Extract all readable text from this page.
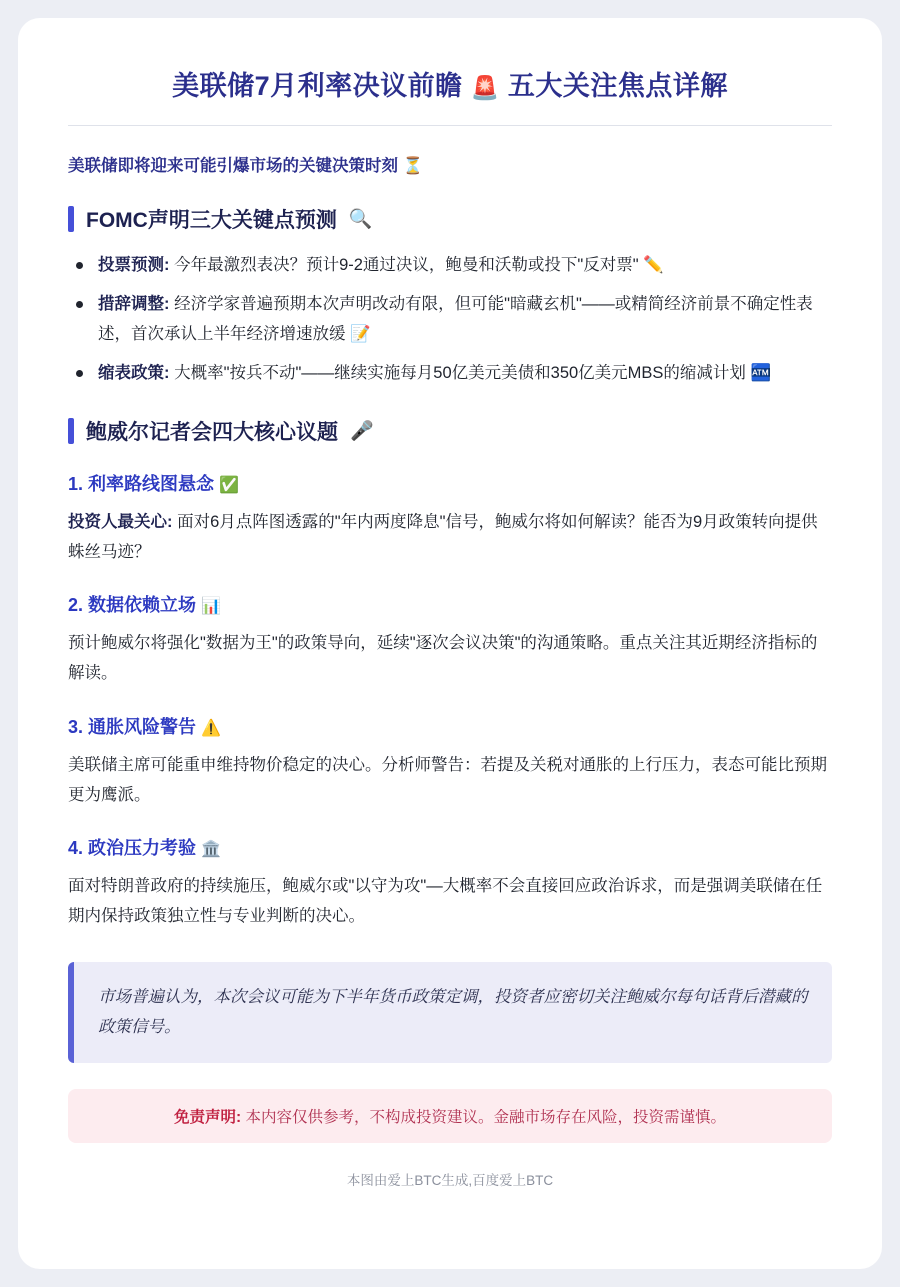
美联储7月利率决议前瞻 🚨 五大关注焦点详解
美联储即将迎来可能引爆市场的关键决策时刻 ⏳
FOMC声明三大关键点预测 🔍
投票预测: 今年最激烈表决？预计9-2通过决议，鲍曼和沃勒或投下"反对票" ✏️
措辞调整: 经济学家普遍预期本次声明改动有限，但可能"暗藏玄机"——或精简经济前景不确定性表述，首次承认上半年经济增速放缓 📝
缩表政策: 大概率"按兵不动"——继续实施每月50亿美元美债和350亿美元MBS的缩减计划 🏧
鲍威尔记者会四大核心议题 🎤
1. 利率路线图悬念 ✅
投资人最关心: 面对6月点阵图透露的"年内两度降息"信号，鲍威尔将如何解读？能否为9月政策转向提供蛛丝马迹？
2. 数据依赖立场 📊
预计鲍威尔将强化"数据为王"的政策导向，延续"逐次会议决策"的沟通策略。重点关注其近期经济指标的解读。
3. 通胀风险警告 ⚠️
美联储主席可能重申维持物价稳定的决心。分析师警告：若提及关税对通胀的上行压力，表态可能比预期更为鹰派。
4. 政治压力考验 🏛️
面对特朗普政府的持续施压，鲍威尔或"以守为攻"—大概率不会直接回应政治诉求，而是强调美联储在任期内保持政策独立性与专业判断的决心。
市场普遍认为，本次会议可能为下半年货币政策定调，投资者应密切关注鲍威尔每句话背后潜藏的政策信号。
免责声明: 本内容仅供参考，不构成投资建议。金融市场存在风险，投资需谨慎。
本图由爱上BTC生成,百度爱上BTC
